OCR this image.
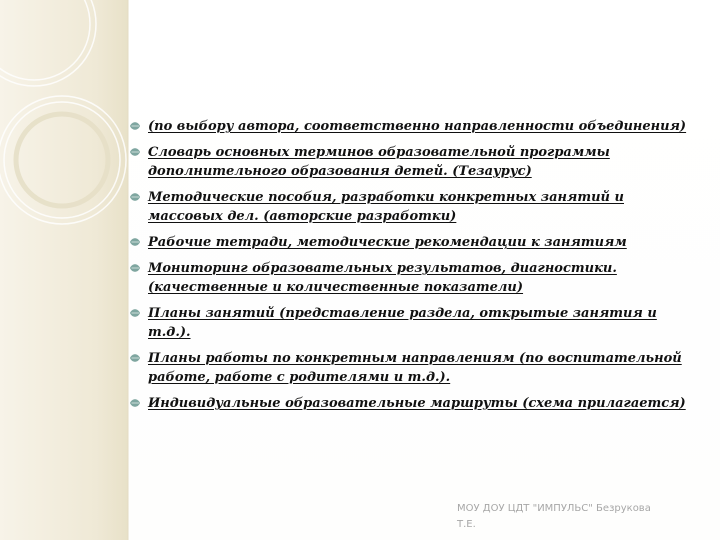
(по выбору автора, соответственно направленности объединения)
Словарь основных терминов образовательной программы дополнительного образования детей. (Тезаурус)
Методические пособия, разработки конкретных занятий и массовых дел. (авторские разработки)
Рабочие тетради, методические рекомендации к занятиям
Мониторинг образовательных результатов, диагностики.(качественные и количественные показатели)
Планы занятий (представление раздела, открытые занятия и т.д.).
Планы работы по конкретным направлениям (по воспитательной работе, работе с родителями и т.д.).
Индивидуальные образовательные маршруты (схема прилагается)
МОУ ДОУ ЦДТ "ИМПУЛЬС" Безрукова
Т.Е.
